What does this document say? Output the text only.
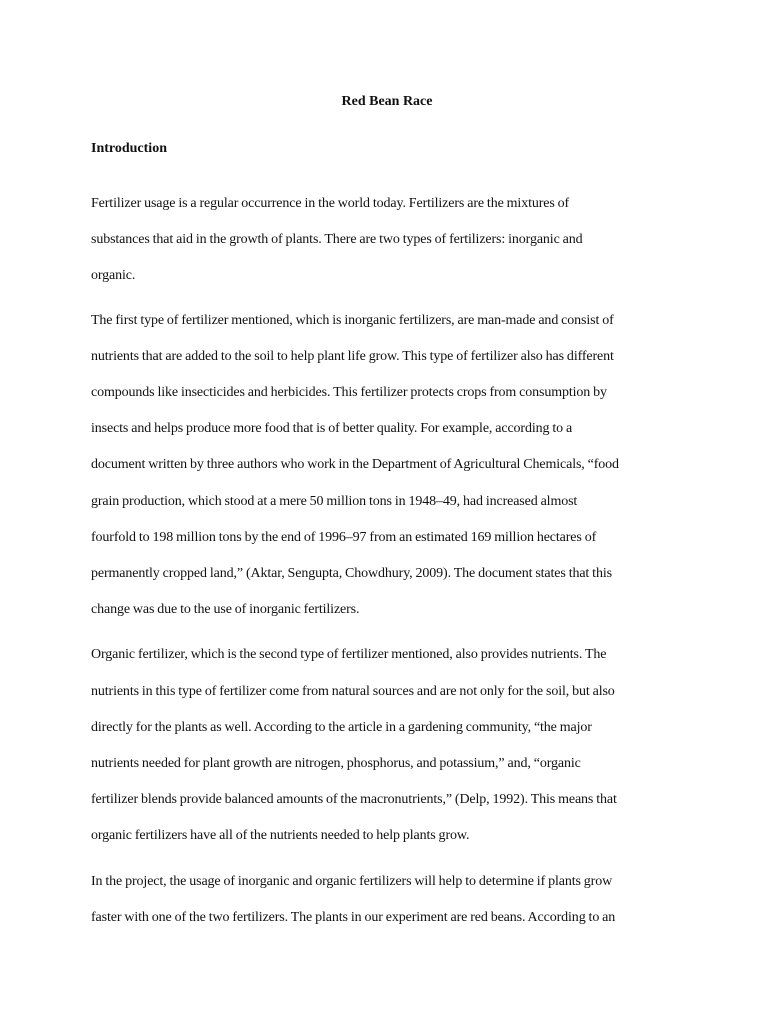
Red Bean Race
Introduction

Fertilizer usage is a regular occurrence in the world today. Fertilizers are the mixtures of
substances that aid in the growth of plants. There are two types of fertilizers: inorganic and
organic.

The first type of fertilizer mentioned, which is inorganic fertilizers, are man-made and consist of
nutrients that are added to the soil to help plant life grow. This type of fertilizer also has different
compounds like insecticides and herbicides. This fertilizer protects crops from consumption by
insects and helps produce more food that is of better quality. For example, according to a
document written by three authors who work in the Department of Agricultural Chemicals, “food
grain production, which stood at a mere 50 million tons in 1948–49, had increased almost
fourfold to 198 million tons by the end of 1996–97 from an estimated 169 million hectares of
permanently cropped land,” (Aktar, Sengupta, Chowdhury, 2009). The document states that this
change was due to the use of inorganic fertilizers.

Organic fertilizer, which is the second type of fertilizer mentioned, also provides nutrients. The
nutrients in this type of fertilizer come from natural sources and are not only for the soil, but also
directly for the plants as well. According to the article in a gardening community, “the major
nutrients needed for plant growth are nitrogen, phosphorus, and potassium,” and, “organic
fertilizer blends provide balanced amounts of the macronutrients,” (Delp, 1992). This means that
organic fertilizers have all of the nutrients needed to help plants grow.

In the project, the usage of inorganic and organic fertilizers will help to determine if plants grow
faster with one of the two fertilizers. The plants in our experiment are red beans. According to an
